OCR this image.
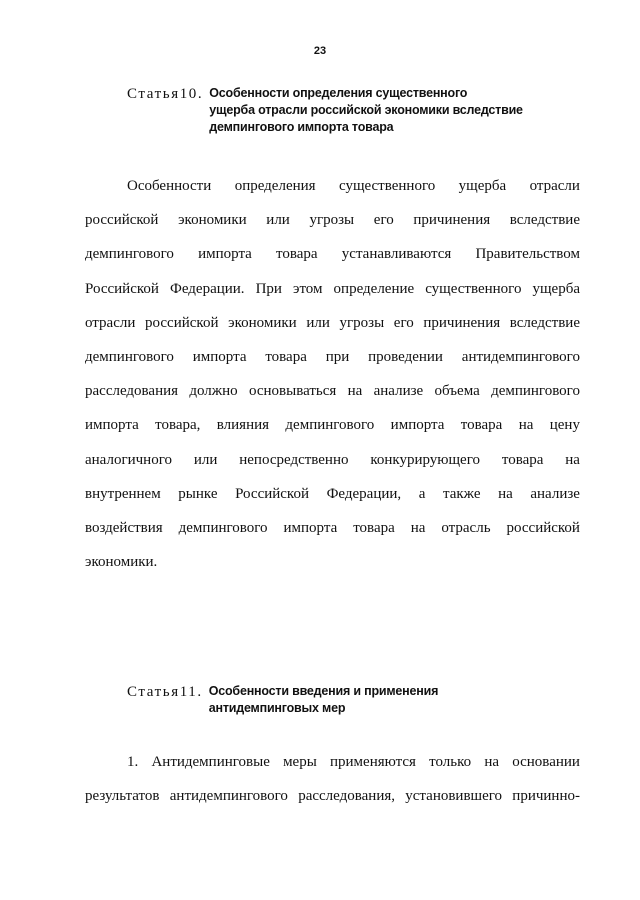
23
Статья10. Особенности определения существенного
ущерба отрасли российской экономики вследствие
демпингового импорта товара
Особенности определения существенного ущерба отрасли
российской экономики или угрозы его причинения вследствие
демпингового импорта товара устанавливаются Правительством
Российской Федерации. При этом определение существенного ущерба
отрасли российской экономики или угрозы его причинения вследствие
демпингового импорта товара при проведении антидемпингового
расследования должно основываться на анализе объема демпингового
импорта товара, влияния демпингового импорта товара на цену
аналогичного или непосредственно конкурирующего товара на
внутреннем рынке Российской Федерации, а также на анализе
воздействия демпингового импорта товара на отрасль российской
экономики.
Статья11. Особенности введения и применения
антидемпинговых мер
1. Антидемпинговые меры применяются только на основании
результатов антидемпингового расследования, установившего причинно-
